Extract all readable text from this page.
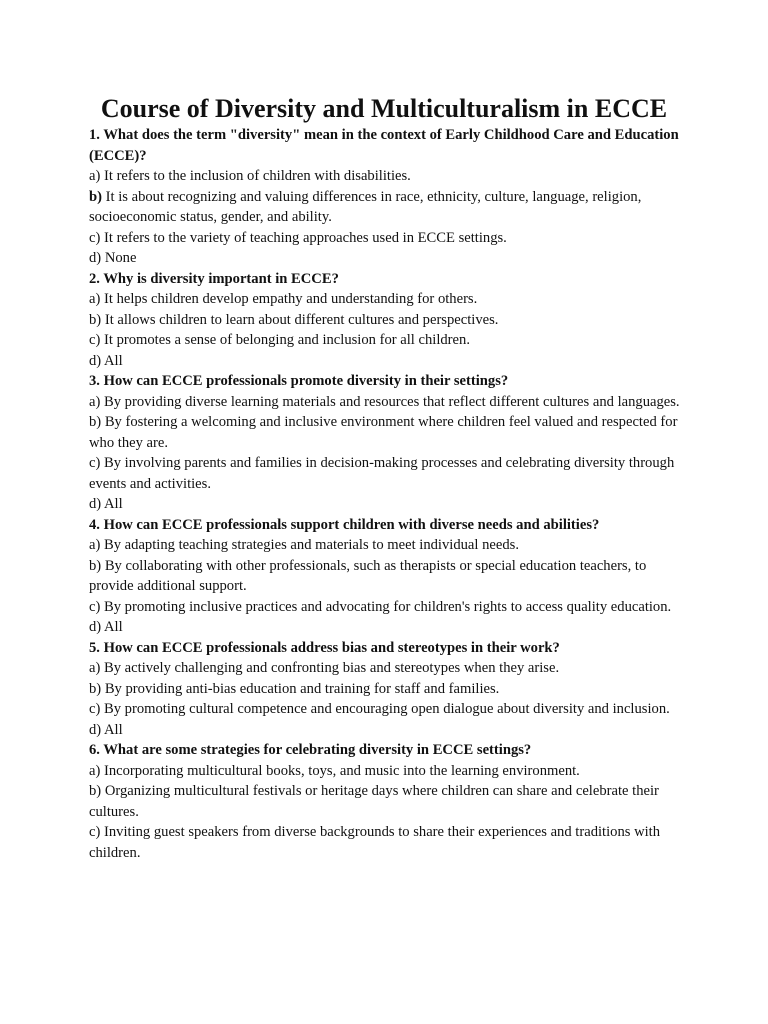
Course of Diversity and Multiculturalism in ECCE
1. What does the term "diversity" mean in the context of Early Childhood Care and Education (ECCE)?
a) It refers to the inclusion of children with disabilities.
b) It is about recognizing and valuing differences in race, ethnicity, culture, language, religion, socioeconomic status, gender, and ability.
c) It refers to the variety of teaching approaches used in ECCE settings.
d) None
2. Why is diversity important in ECCE?
a) It helps children develop empathy and understanding for others.
b) It allows children to learn about different cultures and perspectives.
c) It promotes a sense of belonging and inclusion for all children.
d) All
3. How can ECCE professionals promote diversity in their settings?
a) By providing diverse learning materials and resources that reflect different cultures and languages.
b) By fostering a welcoming and inclusive environment where children feel valued and respected for who they are.
c) By involving parents and families in decision-making processes and celebrating diversity through events and activities.
d) All
4. How can ECCE professionals support children with diverse needs and abilities?
a) By adapting teaching strategies and materials to meet individual needs.
b) By collaborating with other professionals, such as therapists or special education teachers, to provide additional support.
c) By promoting inclusive practices and advocating for children's rights to access quality education.
d) All
5. How can ECCE professionals address bias and stereotypes in their work?
a) By actively challenging and confronting bias and stereotypes when they arise.
b) By providing anti-bias education and training for staff and families.
c) By promoting cultural competence and encouraging open dialogue about diversity and inclusion.
d) All
6. What are some strategies for celebrating diversity in ECCE settings?
a) Incorporating multicultural books, toys, and music into the learning environment.
b) Organizing multicultural festivals or heritage days where children can share and celebrate their cultures.
c) Inviting guest speakers from diverse backgrounds to share their experiences and traditions with children.
